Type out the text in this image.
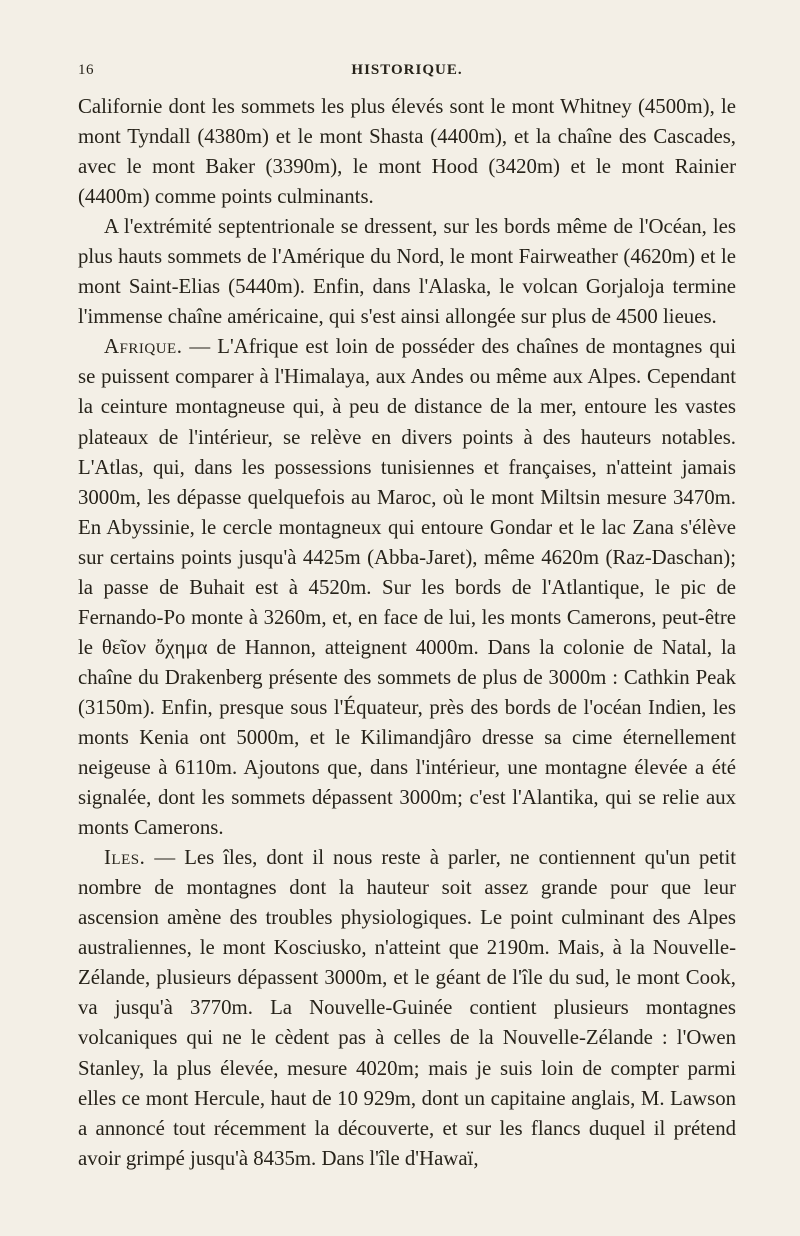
16	HISTORIQUE.

Californie dont les sommets les plus élevés sont le mont Whitney (4500m), le mont Tyndall (4380m) et le mont Shasta (4400m), et la chaîne des Cascades, avec le mont Baker (3390m), le mont Hood (3420m) et le mont Rainier (4400m) comme points culminants.

A l'extrémité septentrionale se dressent, sur les bords même de l'Océan, les plus hauts sommets de l'Amérique du Nord, le mont Fairweather (4620m) et le mont Saint-Elias (5440m). Enfin, dans l'Alaska, le volcan Gorjaloja termine l'immense chaîne américaine, qui s'est ainsi allongée sur plus de 4500 lieues.

Afrique. — L'Afrique est loin de posséder des chaînes de montagnes qui se puissent comparer à l'Himalaya, aux Andes ou même aux Alpes. Cependant la ceinture montagneuse qui, à peu de distance de la mer, entoure les vastes plateaux de l'intérieur, se relève en divers points à des hauteurs notables. L'Atlas, qui, dans les possessions tunisiennes et françaises, n'atteint jamais 3000m, les dépasse quelquefois au Maroc, où le mont Miltsin mesure 3470m. En Abyssinie, le cercle montagneux qui entoure Gondar et le lac Zana s'élève sur certains points jusqu'à 4425m (Abba-Jaret), même 4620m (Raz-Daschan); la passe de Buhait est à 4520m. Sur les bords de l'Atlantique, le pic de Fernando-Po monte à 3260m, et, en face de lui, les monts Camerons, peut-être le θεῖον ὄχημα de Hannon, atteignent 4000m. Dans la colonie de Natal, la chaîne du Drakenberg présente des sommets de plus de 3000m : Cathkin Peak (3150m). Enfin, presque sous l'Équateur, près des bords de l'océan Indien, les monts Kenia ont 5000m, et le Kilimandjâro dresse sa cime éternellement neigeuse à 6110m. Ajoutons que, dans l'intérieur, une montagne élevée a été signalée, dont les sommets dépassent 3000m; c'est l'Alantika, qui se relie aux monts Camerons.

Iles. — Les îles, dont il nous reste à parler, ne contiennent qu'un petit nombre de montagnes dont la hauteur soit assez grande pour que leur ascension amène des troubles physiologiques. Le point culminant des Alpes australiennes, le mont Kosciusko, n'atteint que 2190m. Mais, à la Nouvelle-Zélande, plusieurs dépassent 3000m, et le géant de l'île du sud, le mont Cook, va jusqu'à 3770m. La Nouvelle-Guinée contient plusieurs montagnes volcaniques qui ne le cèdent pas à celles de la Nouvelle-Zélande : l'Owen Stanley, la plus élevée, mesure 4020m; mais je suis loin de compter parmi elles ce mont Hercule, haut de 10 929m, dont un capitaine anglais, M. Lawson a annoncé tout récemment la découverte, et sur les flancs duquel il prétend avoir grimpé jusqu'à 8435m. Dans l'île d'Hawaï,
